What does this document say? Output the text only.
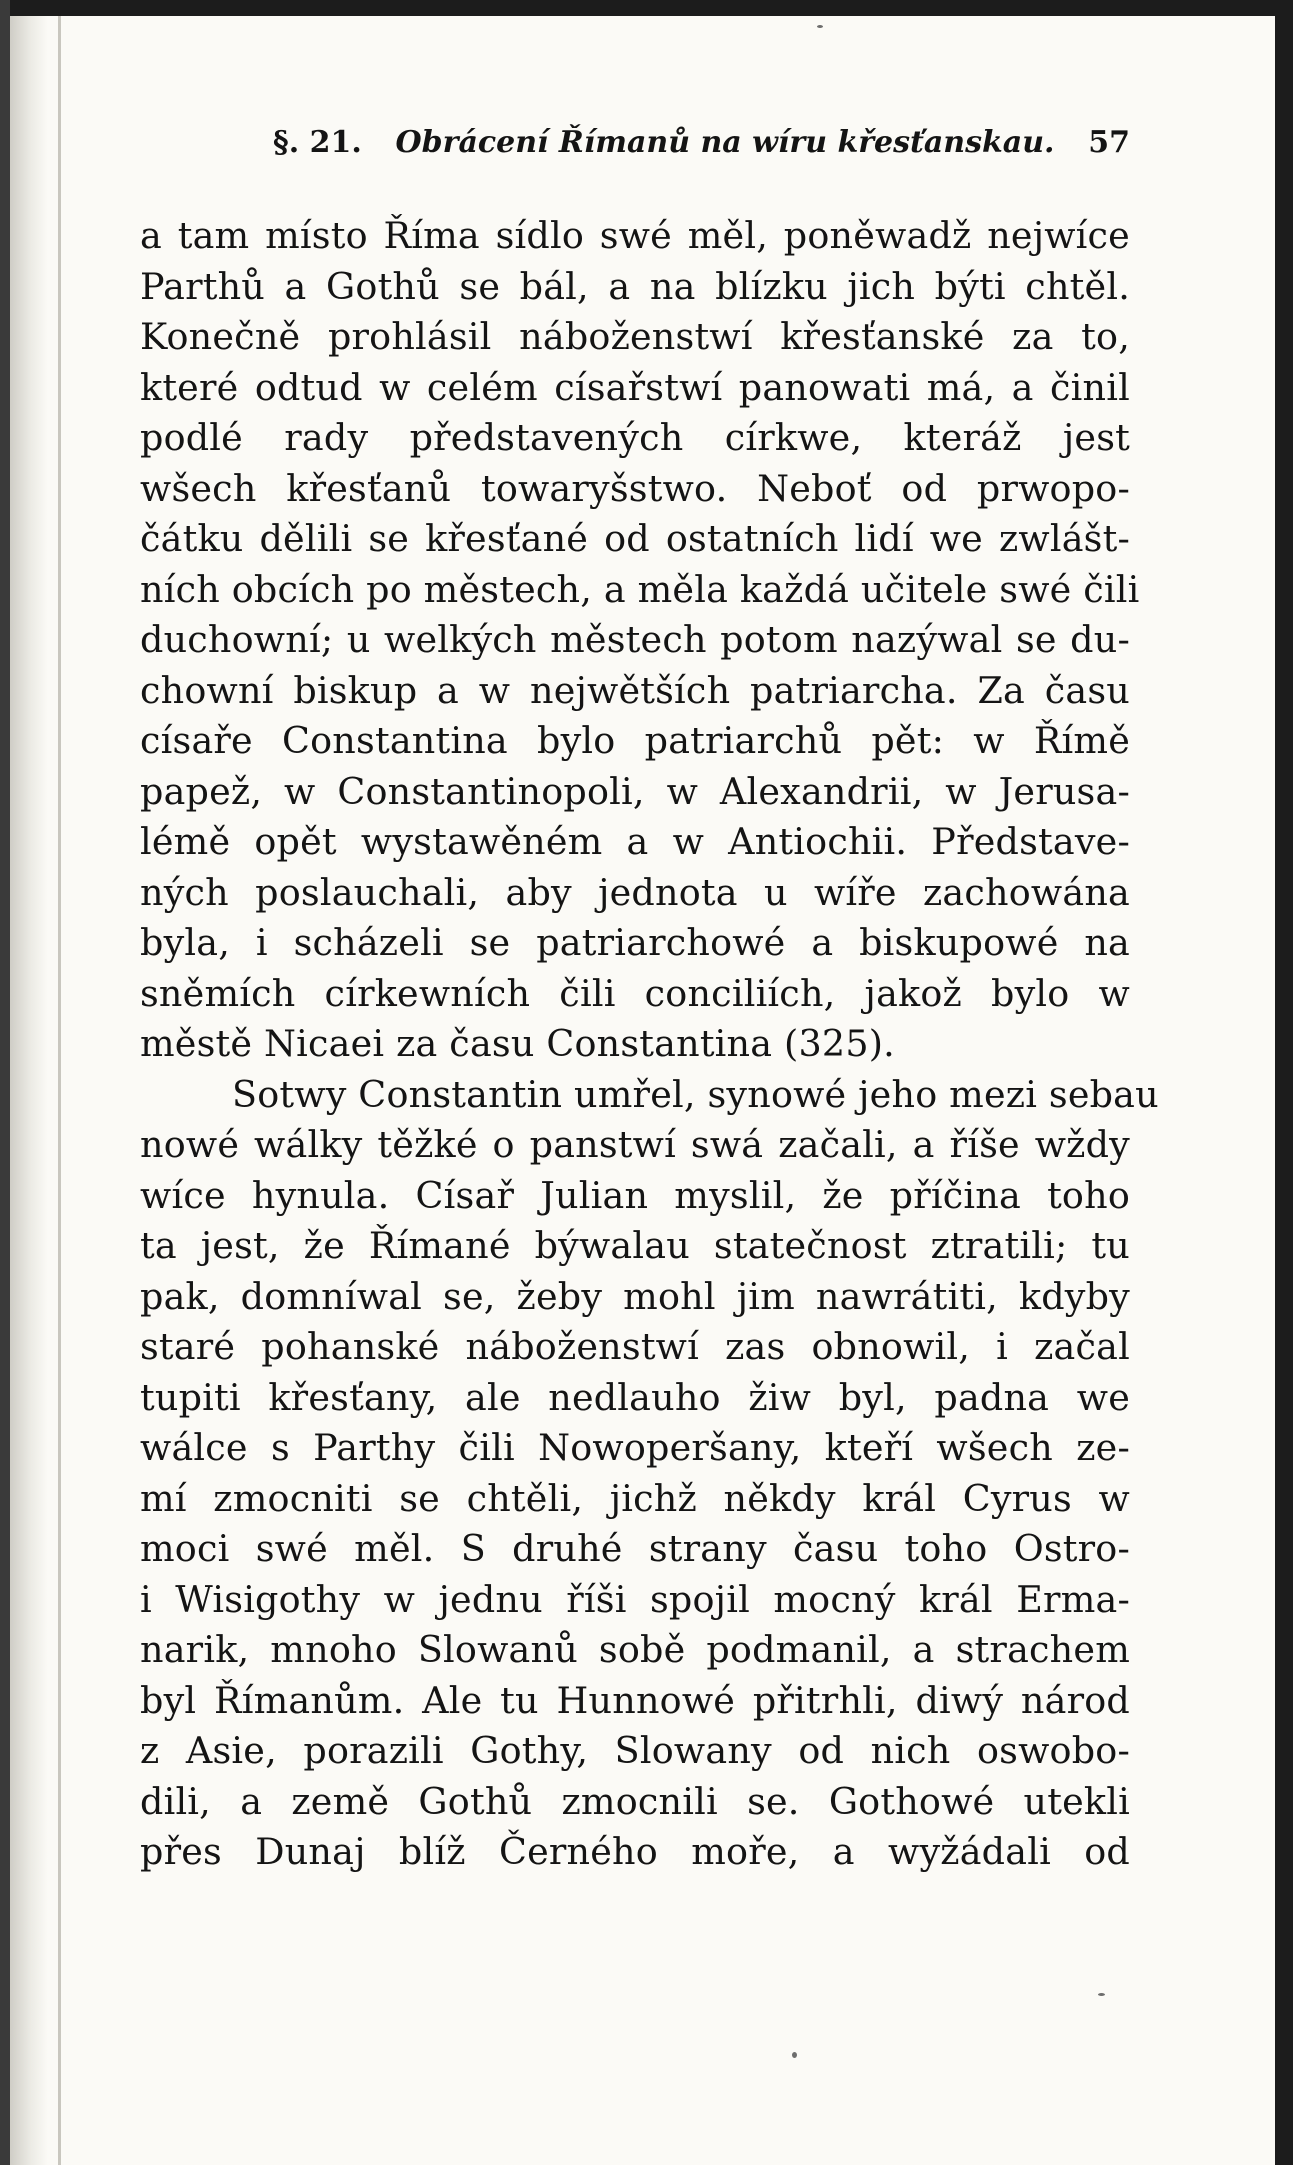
§. 21. Obrácení Římanů na wíru křesťanskau. 57
a tam místo Říma sídlo swé měl, poněwadž nejwíce
Parthů a Gothů se bál, a na blízku jich býti chtěl.
Konečně prohlásil náboženstwí křesťanské za to,
které odtud w celém císařstwí panowati má, a činil
podlé rady představených církwe, kteráž jest
wšech křesťanů towaryšstwo. Neboť od prwopo-
čátku dělili se křesťané od ostatních lidí we zwlášt-
ních obcích po městech, a měla každá učitele swé čili
duchowní; u welkých městech potom nazýwal se du-
chowní biskup a w nejwětších patriarcha. Za času
císaře Constantina bylo patriarchů pět: w Římě
papež, w Constantinopoli, w Alexandrii, w Jerusa-
lémě opět wystawěném a w Antiochii. Představe-
ných poslauchali, aby jednota u wíře zachowána
byla, i scházeli se patriarchowé a biskupowé na
sněmích církewních čili conciliích, jakož bylo w
městě Nicaei za času Constantina (325).
Sotwy Constantin umřel, synowé jeho mezi sebau
nowé wálky těžké o panstwí swá začali, a říše wždy
wíce hynula. Císař Julian myslil, že příčina toho
ta jest, že Římané býwalau statečnost ztratili; tu
pak, domníwal se, žeby mohl jim nawrátiti, kdyby
staré pohanské náboženstwí zas obnowil, i začal
tupiti křesťany, ale nedlauho žiw byl, padna we
wálce s Parthy čili Nowoperšany, kteří wšech ze-
mí zmocniti se chtěli, jichž někdy král Cyrus w
moci swé měl. S druhé strany času toho Ostro-
i Wisigothy w jednu říši spojil mocný král Erma-
narik, mnoho Slowanů sobě podmanil, a strachem
byl Římanům. Ale tu Hunnowé přitrhli, diwý národ
z Asie, porazili Gothy, Slowany od nich oswobo-
dili, a země Gothů zmocnili se. Gothowé utekli
přes Dunaj blíž Černého moře, a wyžádali od
